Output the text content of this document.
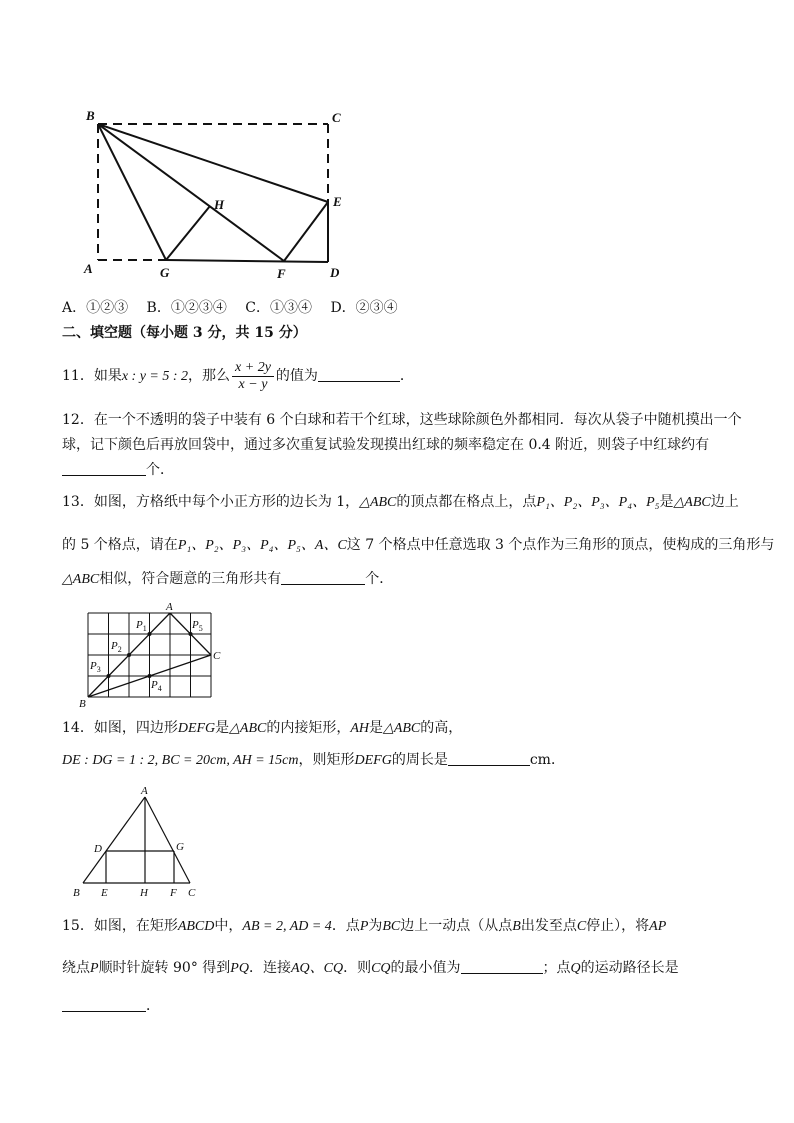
B	C
E
H
A	G	F	D
A．①②③　 B．①②③④　 C．①③④　 D．②③④
二、填空题（每小题 3 分，共 15 分）
11．如果x : y = 5 : 2，那么 $\frac{x + 2y}{x - y}$ 的值为	．
12．在一个不透明的袋子中装有 6 个白球和若干个红球，这些球除颜色外都相同．每次从袋子中随机摸出一个
球，记下颜色后再放回袋中，通过多次重复试验发现摸出红球的频率稳定在 0.4 附近，则袋子中红球约有
个．
13．如图，方格纸中每个小正方形的边长为 1，△ABC的顶点都在格点上，点P₁、P₂、P₃、P₄、P₅是△ABC边上
的 5 个格点，请在P₁、P₂、P₃、P₄、P₅、A、C这 7 个格点中任意选取 3 个点作为三角形的顶点，使构成的三角形与
△ABC相似，符合题意的三角形共有	个．
A
C
B
$P_1$
$P_2$
$P_3$
$P_4$
$P_5$
14．如图，四边形DEFG是△ABC的内接矩形，AH是△ABC的高，
DE : DG = 1 : 2, BC = 20cm, AH = 15cm，则矩形DEFG的周长是	cm．
A
D	G
B E	H F C
15．如图，在矩形ABCD中，AB = 2, AD = 4．点P为BC边上一动点（从点B出发至点C停止），将AP
绕点P顺时针旋转 90° 得到PQ．连接AQ、CQ．则CQ的最小值为	；点Q的运动路径长是
．
